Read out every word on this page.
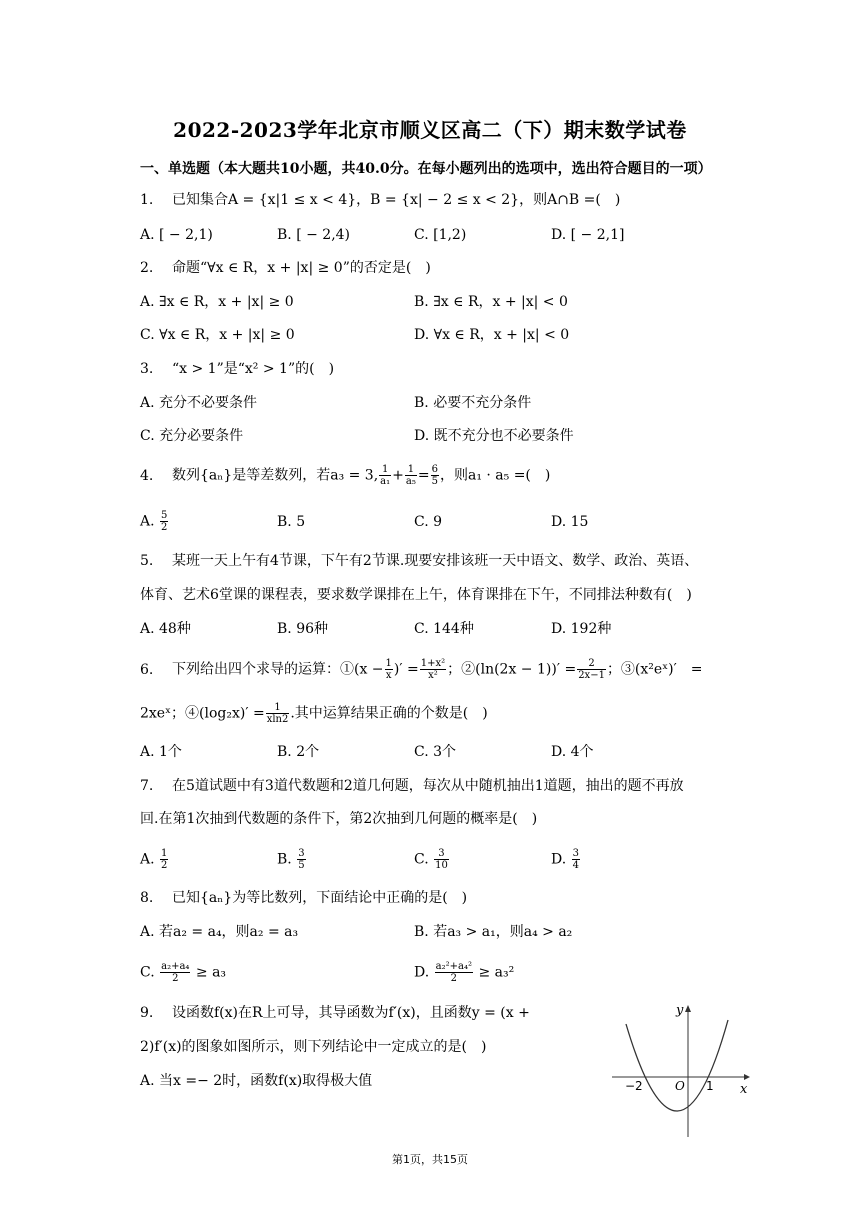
2022-2023学年北京市顺义区高二（下）期末数学试卷
一、单选题（本大题共10小题，共40.0分。在每小题列出的选项中，选出符合题目的一项）
1. 已知集合A = {x|1 ≤ x < 4}，B = {x| − 2 ≤ x < 2}，则A∩B =(　)
A. [ − 2,1)	B. [ − 2,4)	C. [1,2)	D. [ − 2,1]
2. 命题“∀x ∈ R，x + |x| ≥ 0”的否定是(　)
A. ∃x ∈ R，x + |x| ≥ 0	B. ∃x ∈ R，x + |x| < 0
C. ∀x ∈ R，x + |x| ≥ 0	D. ∀x ∈ R，x + |x| < 0
3. “x > 1”是“x² > 1”的(　)
A. 充分不必要条件	B. 必要不充分条件
C. 充分必要条件	D. 既不充分也不必要条件
4. 数列{aₙ}是等差数列，若a₃ = 3, $\frac{1}{\text{a₁}} + \frac{1}{\text{a₅}} = \frac{6}{5}$ ，则a₁ · a₅ =(　)
A. $\frac{5}{2}$	B. 5	C. 9	D. 15
5. 某班一天上午有4节课，下午有2节课.现要安排该班一天中语文、数学、政治、英语、
体育、艺术6堂课的课程表，要求数学课排在上午，体育课排在下午，不同排法种数有(　)
A. 48种	B. 96种	C. 144种	D. 192种
6. 下列给出四个求导的运算：①(x − $\frac{1}{x}$ )′ = $\frac{\text{1+x²}}{\text{x²}}$ ；②(ln(2x − $1))' = \frac{2}{2x-1}$ ；③(x²eˣ)′　=
2xeˣ；④(log₂x)′ = $\frac{1}{xln2}$ .其中运算结果正确的个数是(　)
A. 1个	B. 2个	C. 3个	D. 4个
7. 在5道试题中有3道代数题和2道几何题，每次从中随机抽出1道题，抽出的题不再放
回.在第1次抽到代数题的条件下，第2次抽到几何题的概率是(　)
A. $\frac{1}{2}$	B. $\frac{3}{5}$	C. $\frac{3}{10}$	D. $\frac{3}{4}$
8. 已知{aₙ}为等比数列，下面结论中正确的是(　)
A. 若a₂ = a₄，则a₂ = a₃	B. 若a₃ > a₁，则a₄ > a₂
C. $\frac{\text{a₂+a₄}}{2} \ge a_3$	D. $\frac{\text{a₂²+a₄²}}{2} \ge a_3^2$
9. 设函数f(x)在R上可导，其导函数为f′(x)，且函数y = (x +
2)f′(x)的图象如图所示，则下列结论中一定成立的是(　)
A. 当x =− 2时，函数f(x)取得极大值
y
x
−2	O 1
第1页，共15页
